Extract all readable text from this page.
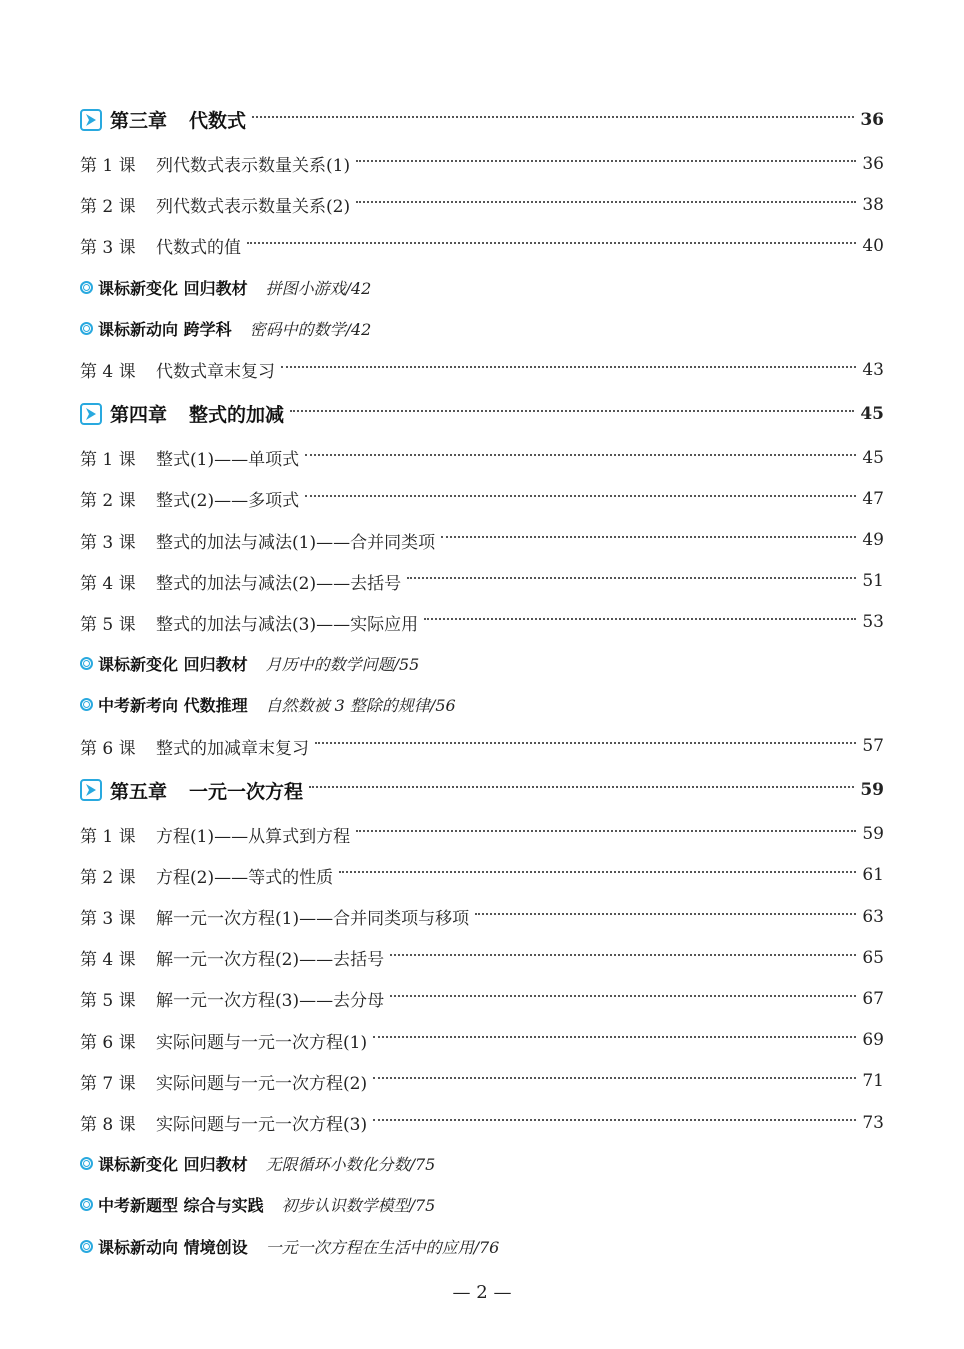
第三章 代数式	36
第 1 课	列代数式表示数量关系(1)	36
第 2 课	列代数式表示数量关系(2)	38
第 3 课	代数式的值	40
课标新变化 回归教材 拼图小游戏/42
课标新动向 跨学科 密码中的数学/42
第 4 课	代数式章末复习	43
第四章 整式的加减	45
第 1 课	整式(1)——单项式	45
第 2 课	整式(2)——多项式	47
第 3 课	整式的加法与减法(1)——合并同类项	49
第 4 课	整式的加法与减法(2)——去括号	51
第 5 课	整式的加法与减法(3)——实际应用	53
课标新变化 回归教材 月历中的数学问题/55
中考新考向 代数推理 自然数被 3 整除的规律/56
第 6 课	整式的加减章末复习	57
第五章 一元一次方程	59
第 1 课	方程(1)——从算式到方程	59
第 2 课	方程(2)——等式的性质	61
第 3 课	解一元一次方程(1)——合并同类项与移项	63
第 4 课	解一元一次方程(2)——去括号	65
第 5 课	解一元一次方程(3)——去分母	67
第 6 课	实际问题与一元一次方程(1)	69
第 7 课	实际问题与一元一次方程(2)	71
第 8 课	实际问题与一元一次方程(3)	73
课标新变化 回归教材 无限循环小数化分数/75
中考新题型 综合与实践 初步认识数学模型/75
课标新动向 情境创设 一元一次方程在生活中的应用/76
— 2 —
